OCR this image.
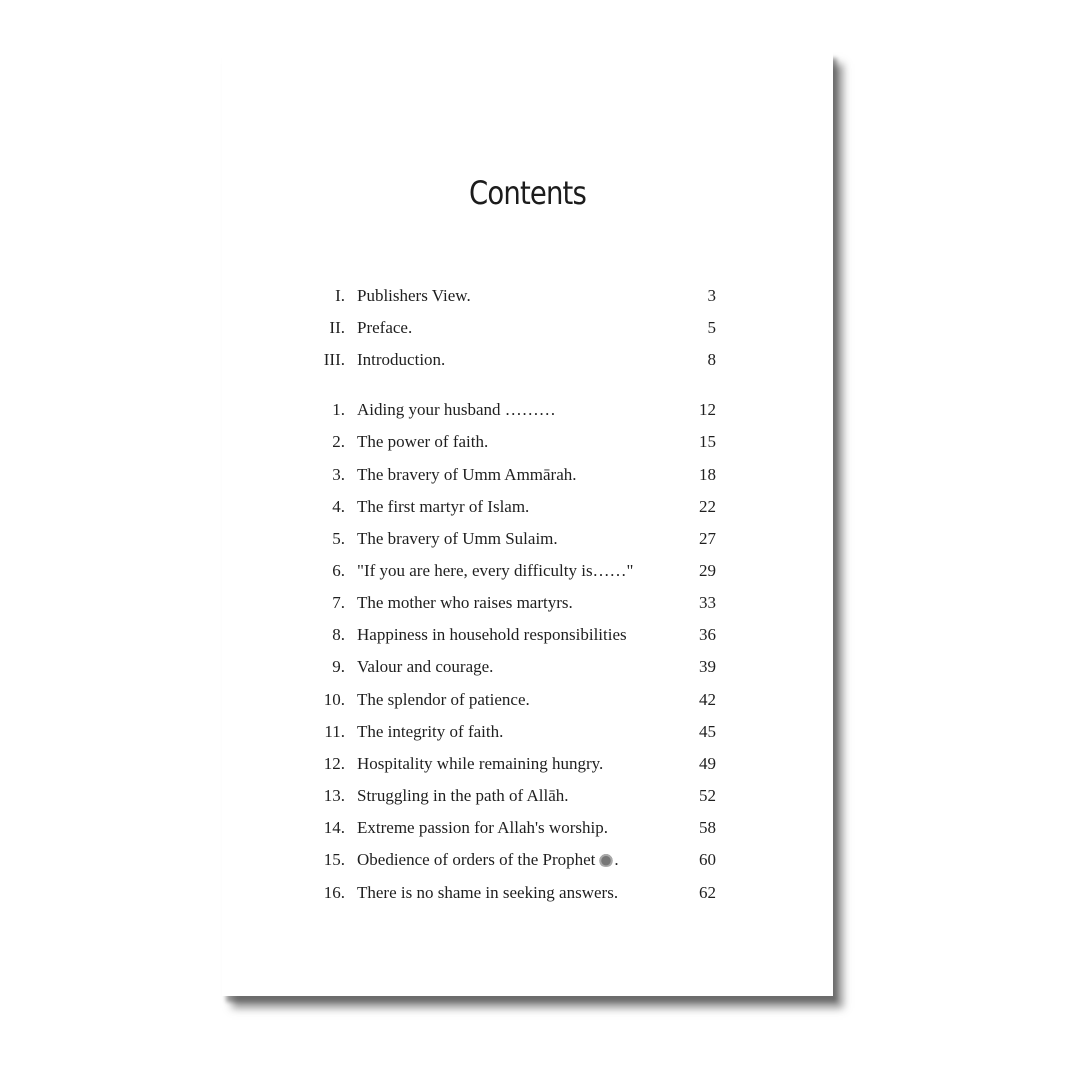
Contents
I. Publishers View.	3
II. Preface.	5
III. Introduction.	8
1. Aiding your husband ………	12
2. The power of faith.	15
3. The bravery of Umm Ammārah.	18
4. The first martyr of Islam.	22
5. The bravery of Umm Sulaim.	27
6. "If you are here, every difficulty is……"	29
7. The mother who raises martyrs.	33
8. Happiness in household responsibilities	36
9. Valour and courage.	39
10. The splendor of patience.	42
11. The integrity of faith.	45
12. Hospitality while remaining hungry.	49
13. Struggling in the path of Allāh.	52
14. Extreme passion for Allah's worship.	58
15. Obedience of orders of the Prophet .	60
16. There is no shame in seeking answers.	62
